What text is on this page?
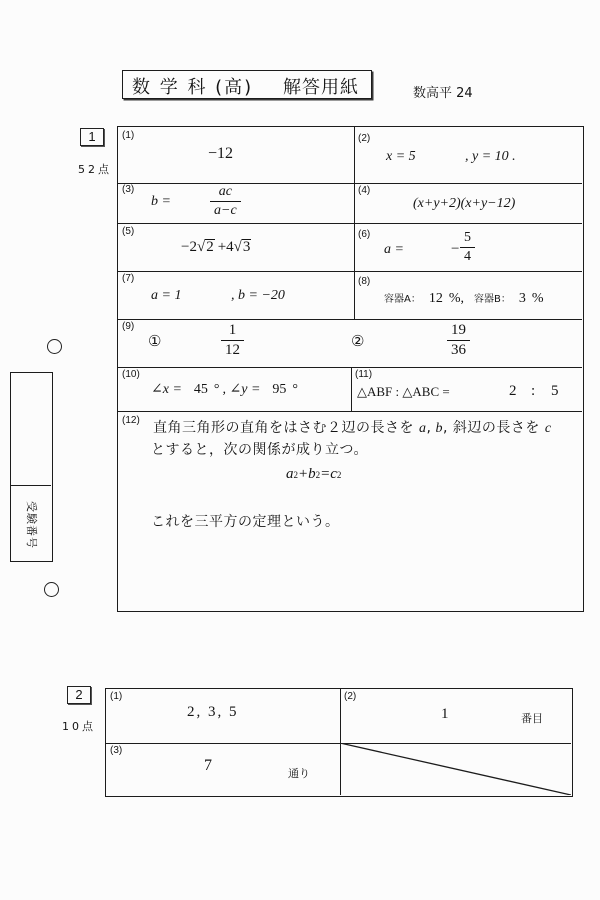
数 学 科 (高) 解答用紙	数高平 24
受験番号
1
52点
(1)
−12
(2)
x = 5	, y = 10 .
(3)
b =	$\frac{ac}{a-c}$	(4)
(x+y+2)(x+y−12)
(5)
−2 √ 2 +4 √ 3
(6)
a =	− $\frac{5}{4}$
(7)
a = 1	, b = −20
(8)
容器A： 12 %, 容器B： 3 %
(9)
①	$\frac{1}{12}$	②	$\frac{19}{36}$
(10)
∠x = 45 ° , ∠y = 95 °
(11)
△ABF : △ABC =	2 : 5
(12) 直角三角形の直角をはさむ２辺の長さを a , b , 斜辺の長さを c
とすると，次の関係が成り立つ。
a 2 +b 2 =c 2
これを三平方の定理という。
2
10点
(1)
2, 3, 5
(2)
1	番目
(3)
7	通り
